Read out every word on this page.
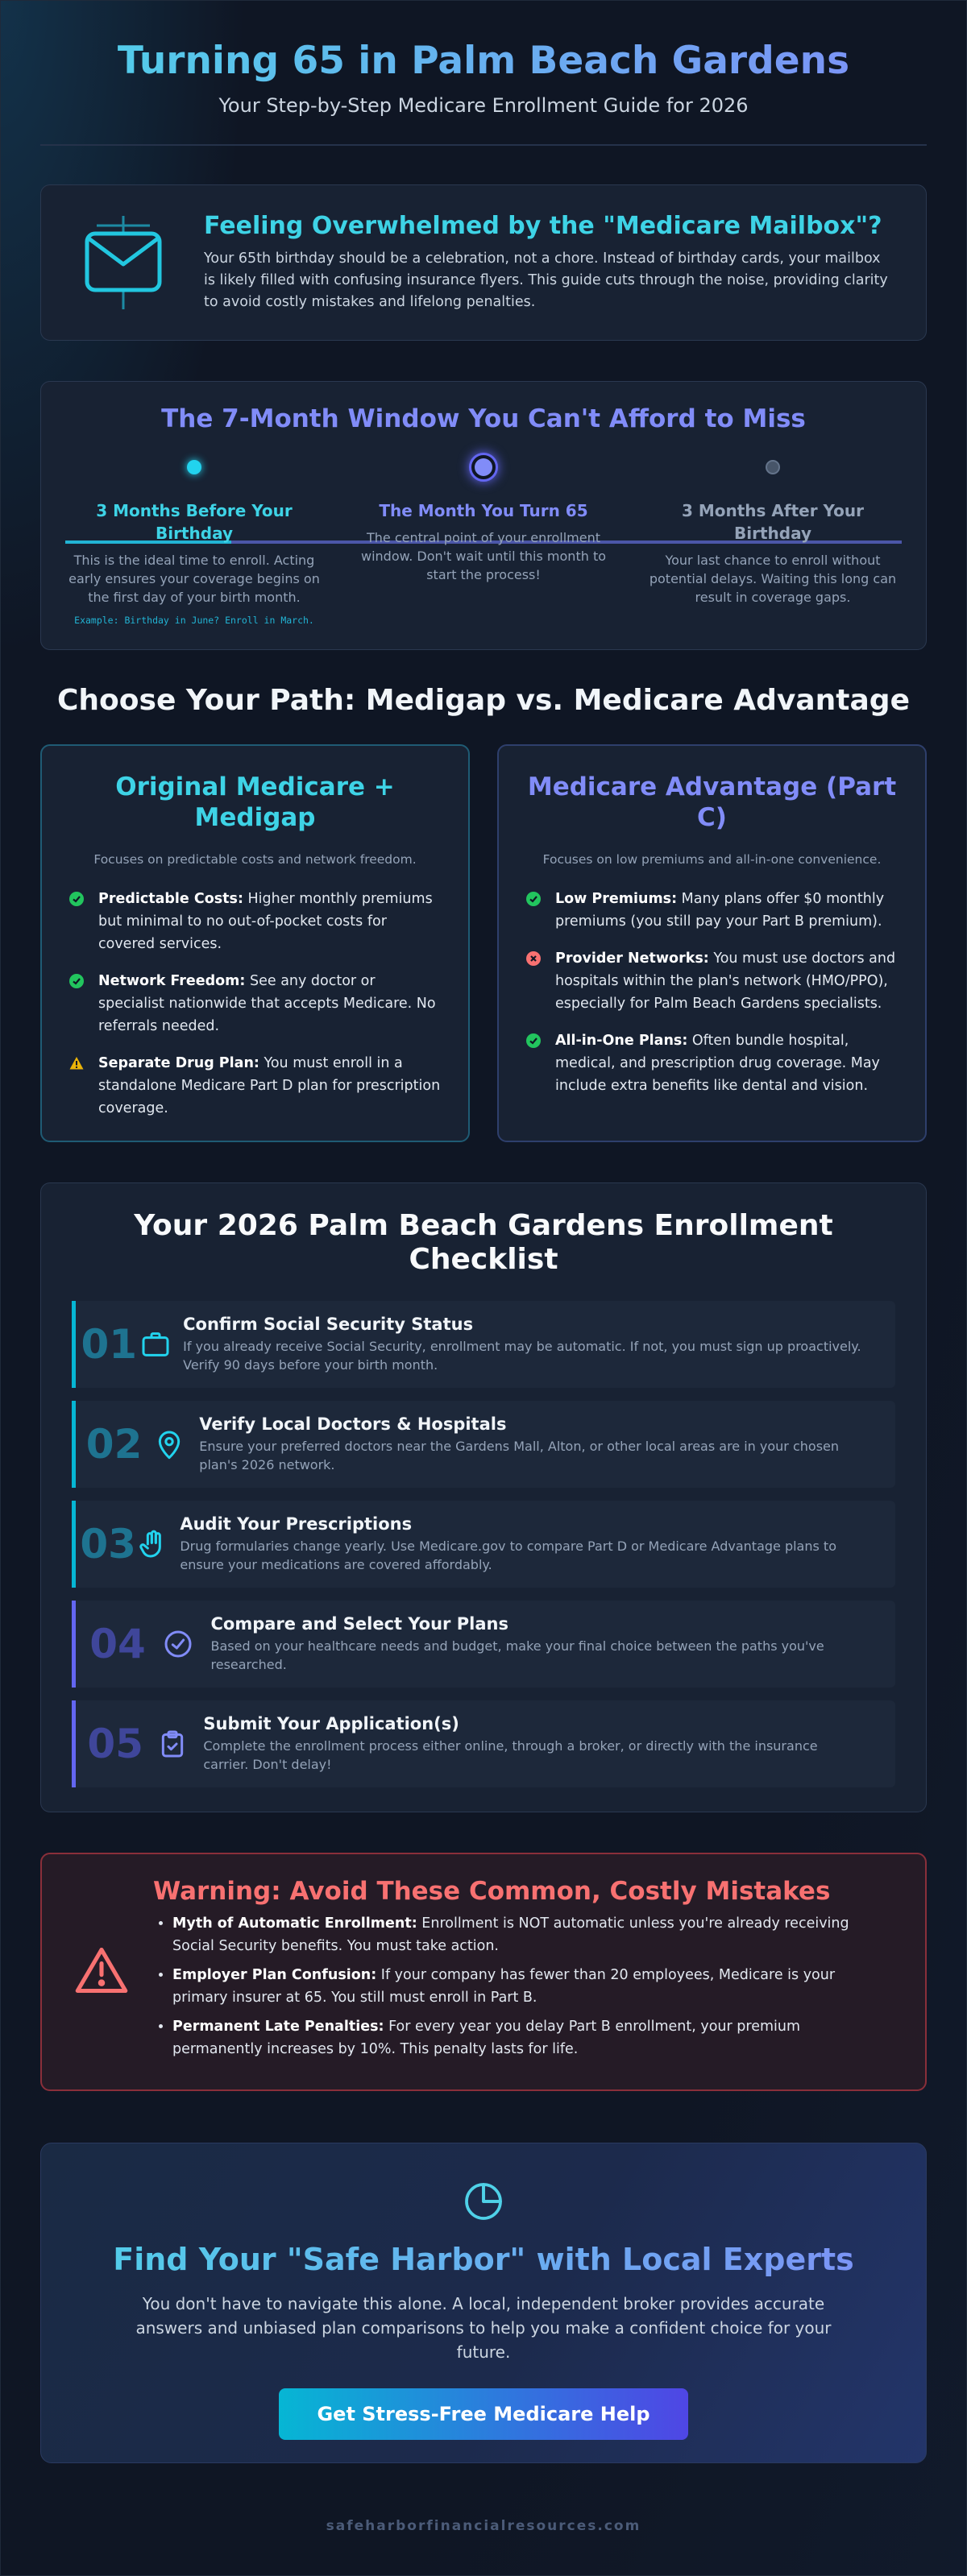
Turning 65 in Palm Beach Gardens
Your Step-by-Step Medicare Enrollment Guide for 2026
Feeling Overwhelmed by the "Medicare Mailbox"?

Your 65th birthday should be a celebration, not a chore. Instead of birthday cards, your mailbox is likely filled with confusing insurance flyers. This guide cuts through the noise, providing clarity to avoid costly mistakes and lifelong penalties.

The 7-Month Window You Can't Afford to Miss
3 Months Before Your Birthday

This is the ideal time to enroll. Acting early ensures your coverage begins on the first day of your birth month.

Example: Birthday in June? Enroll in March.
The Month You Turn 65

The central point of your enrollment window. Don't wait until this month to start the process!

3 Months After Your Birthday

Your last chance to enroll without potential delays. Waiting this long can result in coverage gaps.

Choose Your Path: Medigap vs. Medicare Advantage
Original Medicare + Medigap
Focuses on predictable costs and network freedom.
Predictable Costs: Higher monthly premiums but minimal to no out-of-pocket costs for covered services.
Network Freedom: See any doctor or specialist nationwide that accepts Medicare. No referrals needed.
Separate Drug Plan: You must enroll in a standalone Medicare Part D plan for prescription coverage.
Medicare Advantage (Part C)
Focuses on low premiums and all-in-one convenience.
Low Premiums: Many plans offer $0 monthly premiums (you still pay your Part B premium).
Provider Networks: You must use doctors and hospitals within the plan's network (HMO/PPO), especially for Palm Beach Gardens specialists.
All-in-One Plans: Often bundle hospital, medical, and prescription drug coverage. May include extra benefits like dental and vision.
Your 2026 Palm Beach Gardens Enrollment Checklist
01	Confirm Social Security Status

If you already receive Social Security, enrollment may be automatic. If not, you must sign up proactively. Verify 90 days before your birth month.

02	Verify Local Doctors & Hospitals

Ensure your preferred doctors near the Gardens Mall, Alton, or other local areas are in your chosen plan's 2026 network.

03	Audit Your Prescriptions

Drug formularies change yearly. Use Medicare.gov to compare Part D or Medicare Advantage plans to ensure your medications are covered affordably.

04	Compare and Select Your Plans

Based on your healthcare needs and budget, make your final choice between the paths you've researched.

05	Submit Your Application(s)

Complete the enrollment process either online, through a broker, or directly with the insurance carrier. Don't delay!

Warning: Avoid These Common, Costly Mistakes
• Myth of Automatic Enrollment: Enrollment is NOT automatic unless you're already receiving Social Security benefits. You must take action.
• Employer Plan Confusion: If your company has fewer than 20 employees, Medicare is your primary insurer at 65. You still must enroll in Part B.
• Permanent Late Penalties: For every year you delay Part B enrollment, your premium permanently increases by 10%. This penalty lasts for life.
Find Your "Safe Harbor" with Local Experts

You don't have to navigate this alone. A local, independent broker provides accurate answers and unbiased plan comparisons to help you make a confident choice for your future.

Get Stress-Free Medicare Help
safeharborfinancialresources.com
